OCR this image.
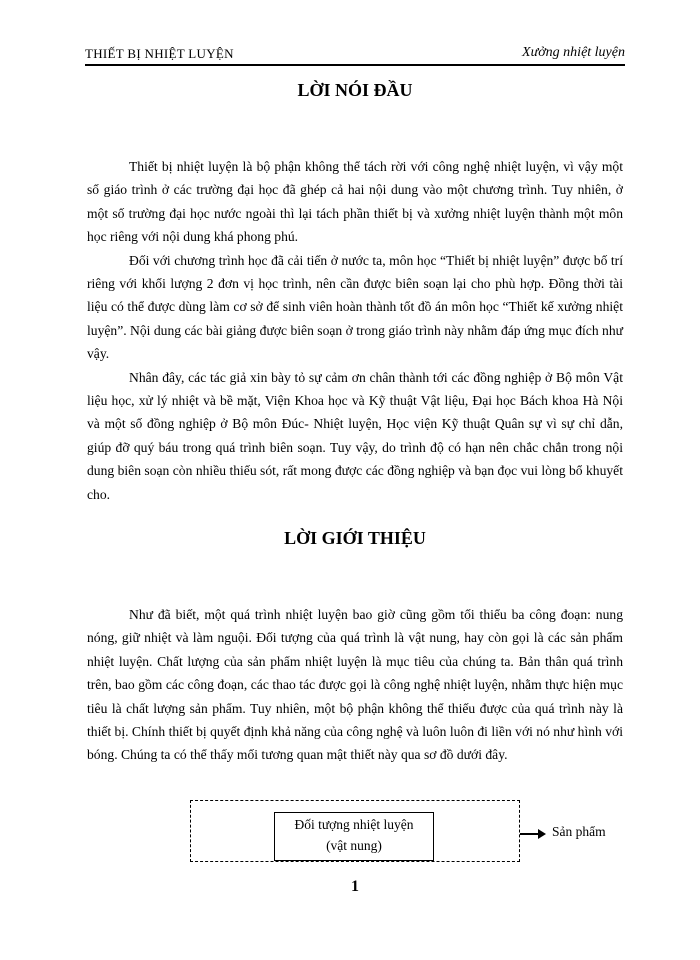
THIẾT BỊ NHIỆT LUYỆN	Xưởng nhiệt luyện
LỜI NÓI ĐẦU

Thiết bị nhiệt luyện là bộ phận không thể tách rời với công nghệ nhiệt luyện, vì vậy một số giáo trình ở các trường đại học đã ghép cả hai nội dung vào một chương trình. Tuy nhiên, ở một số trường đại học nước ngoài thì lại tách phần thiết bị và xưởng nhiệt luyện thành một môn học riêng với nội dung khá phong phú.

Đối với chương trình học đã cải tiến ở nước ta, môn học “Thiết bị nhiệt luyện” được bố trí riêng với khối lượng 2 đơn vị học trình, nên cần được biên soạn lại cho phù hợp. Đồng thời tài liệu có thể được dùng làm cơ sở để sinh viên hoàn thành tốt đồ án môn học “Thiết kế xưởng nhiệt luyện”. Nội dung các bài giảng được biên soạn ở trong giáo trình này nhằm đáp ứng mục đích như vậy.

Nhân đây, các tác giả xin bày tỏ sự cảm ơn chân thành tới các đồng nghiệp ở Bộ môn Vật liệu học, xử lý nhiệt và bề mặt, Viện Khoa học và Kỹ thuật Vật liệu, Đại học Bách khoa Hà Nội và một số đồng nghiệp ở Bộ môn Đúc- Nhiệt luyện, Học viện Kỹ thuật Quân sự vì sự chỉ dẫn, giúp đỡ quý báu trong quá trình biên soạn. Tuy vậy, do trình độ có hạn nên chắc chắn trong nội dung biên soạn còn nhiều thiếu sót, rất mong được các đồng nghiệp và bạn đọc vui lòng bổ khuyết cho.

LỜI GIỚI THIỆU

Như đã biết, một quá trình nhiệt luyện bao giờ cũng gồm tối thiểu ba công đoạn: nung nóng, giữ nhiệt và làm nguội. Đối tượng của quá trình là vật nung, hay còn gọi là các sản phẩm nhiệt luyện. Chất lượng của sản phẩm nhiệt luyện là mục tiêu của chúng ta. Bản thân quá trình trên, bao gồm các công đoạn, các thao tác được gọi là công nghệ nhiệt luyện, nhằm thực hiện mục tiêu là chất lượng sản phẩm. Tuy nhiên, một bộ phận không thể thiếu được của quá trình này là thiết bị. Chính thiết bị quyết định khả năng của công nghệ và luôn luôn đi liền với nó như hình với bóng. Chúng ta có thể thấy mối tương quan mật thiết này qua sơ đồ dưới đây.

Đối tượng nhiệt luyện
(vật nung)
Sản phẩm
1
